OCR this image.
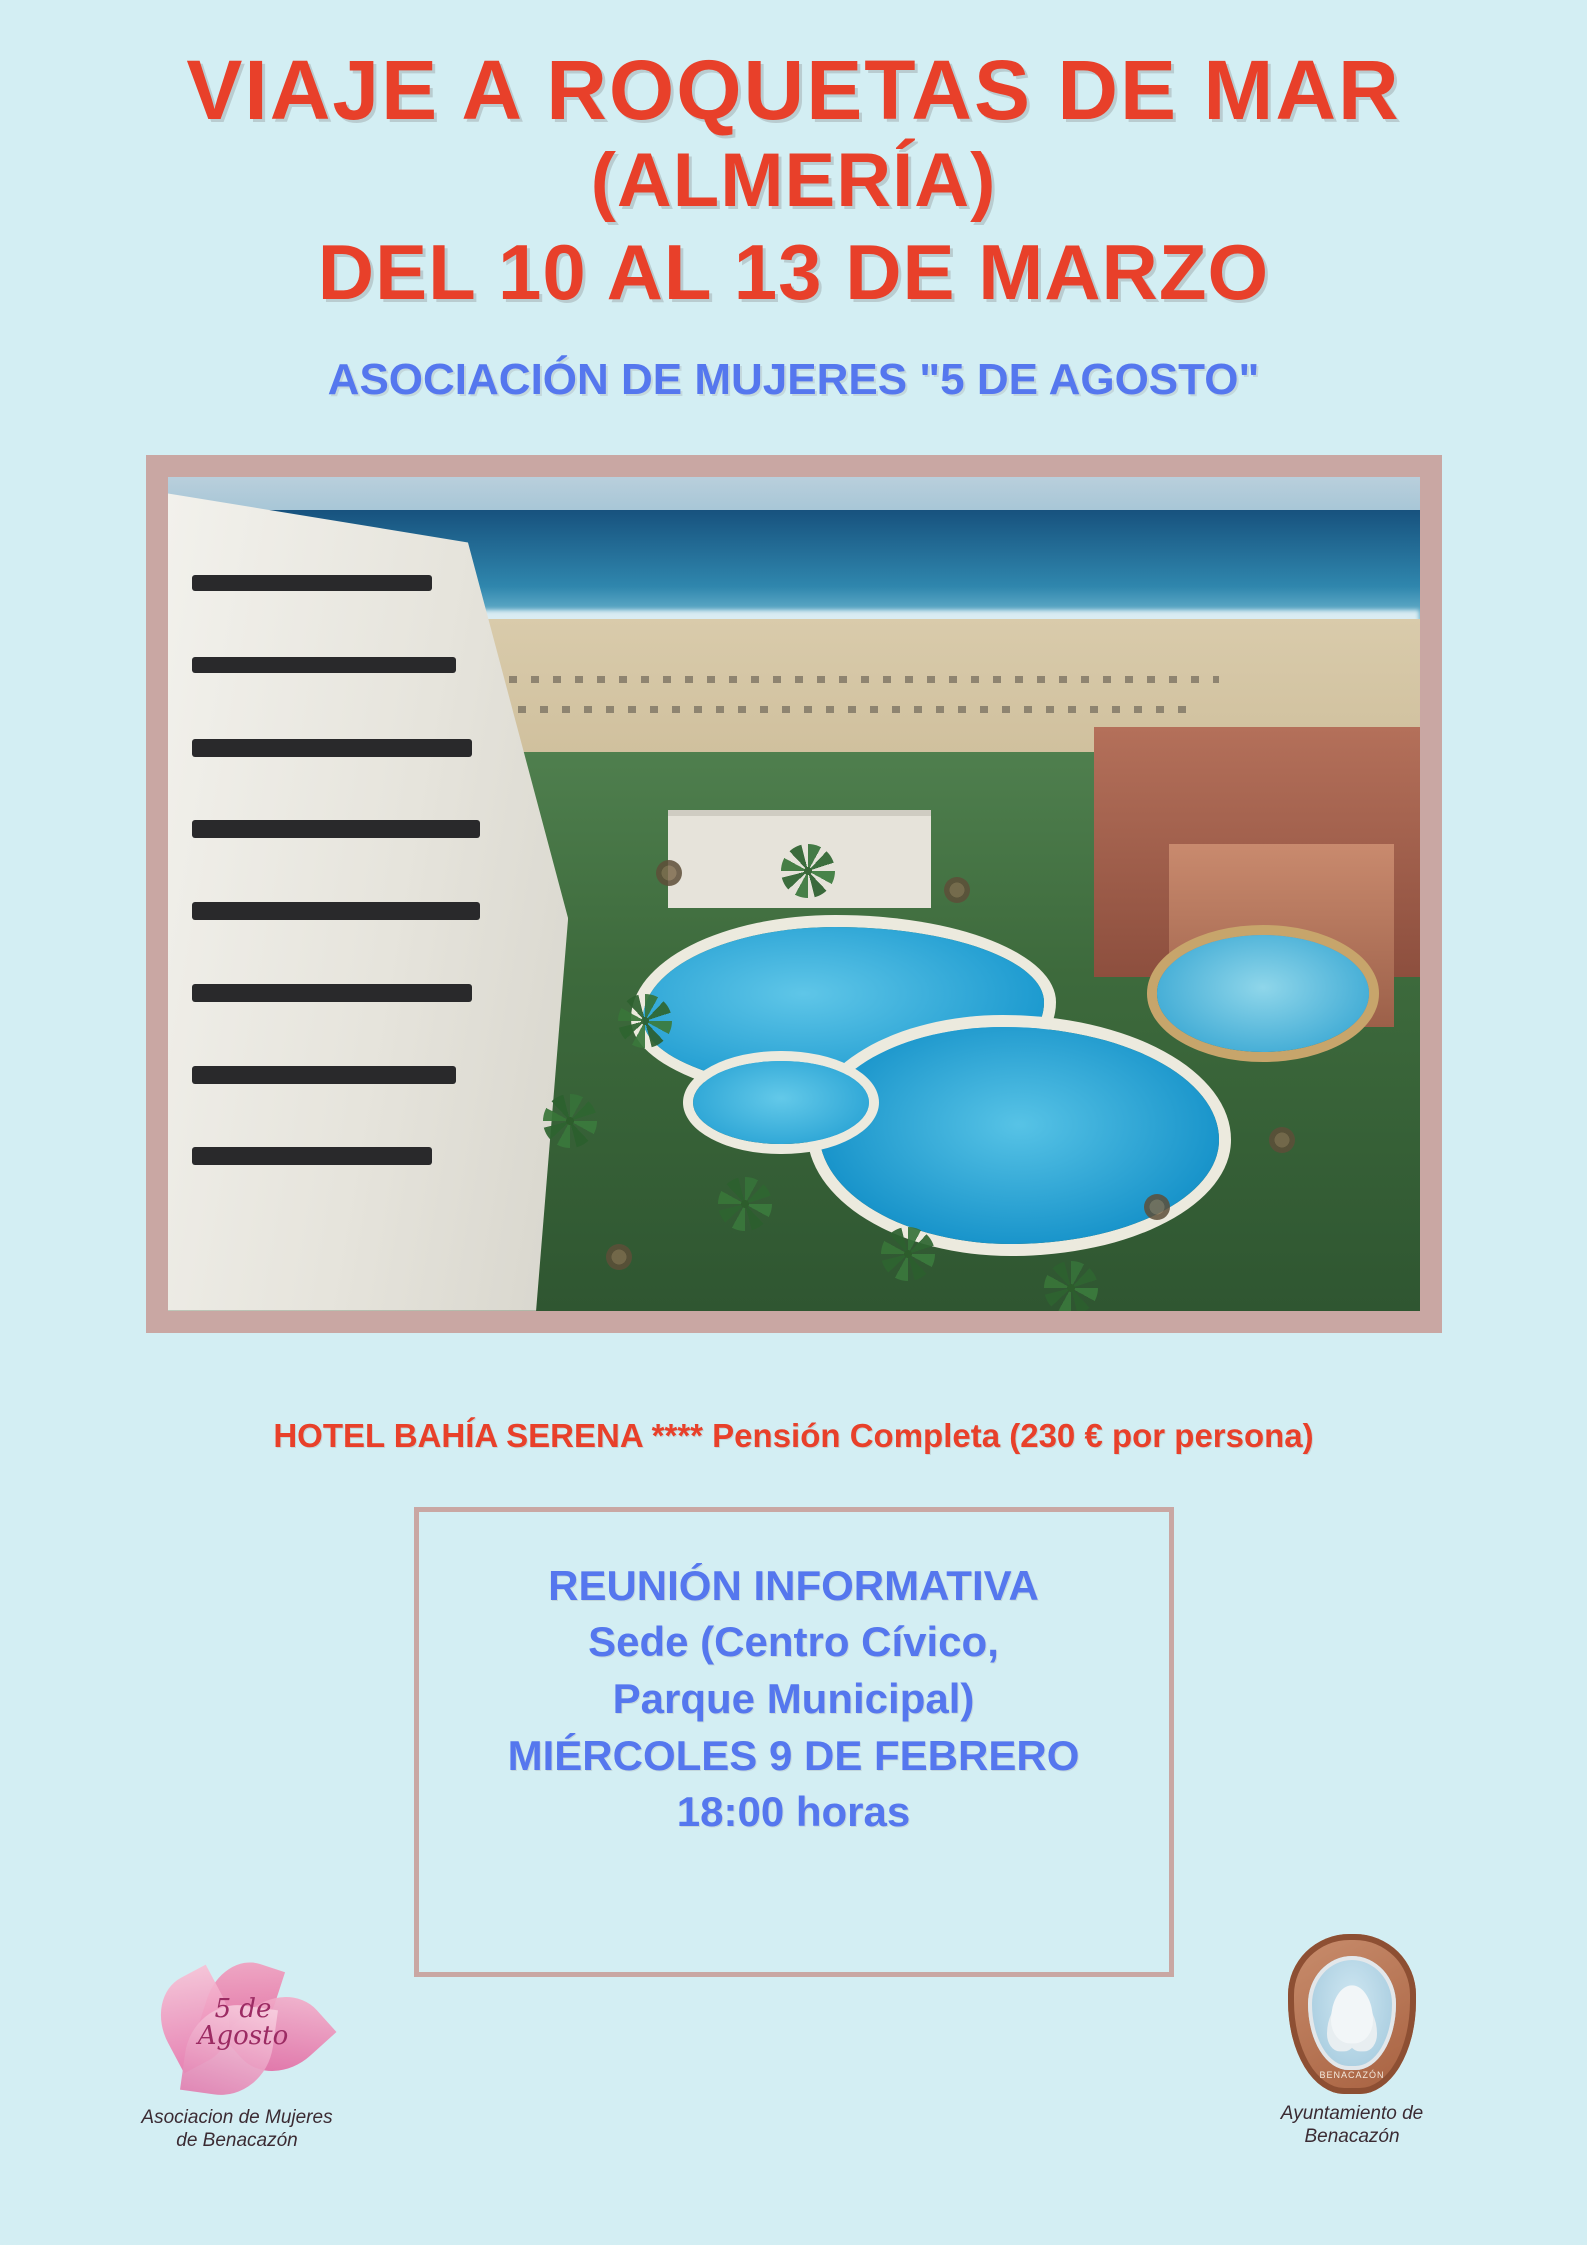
VIAJE A ROQUETAS DE MAR
(ALMERÍA)
DEL 10 AL 13 DE MARZO
ASOCIACIÓN DE MUJERES "5 DE AGOSTO"
HOTEL BAHÍA SERENA **** Pensión Completa (230 € por persona)
REUNIÓN INFORMATIVA
Sede (Centro Cívico,
Parque Municipal)
MIÉRCOLES 9 DE FEBRERO
18:00 horas
5 de Agosto
Asociacion de Mujeres
de Benacazón
BENACAZÓN
Ayuntamiento de
Benacazón
